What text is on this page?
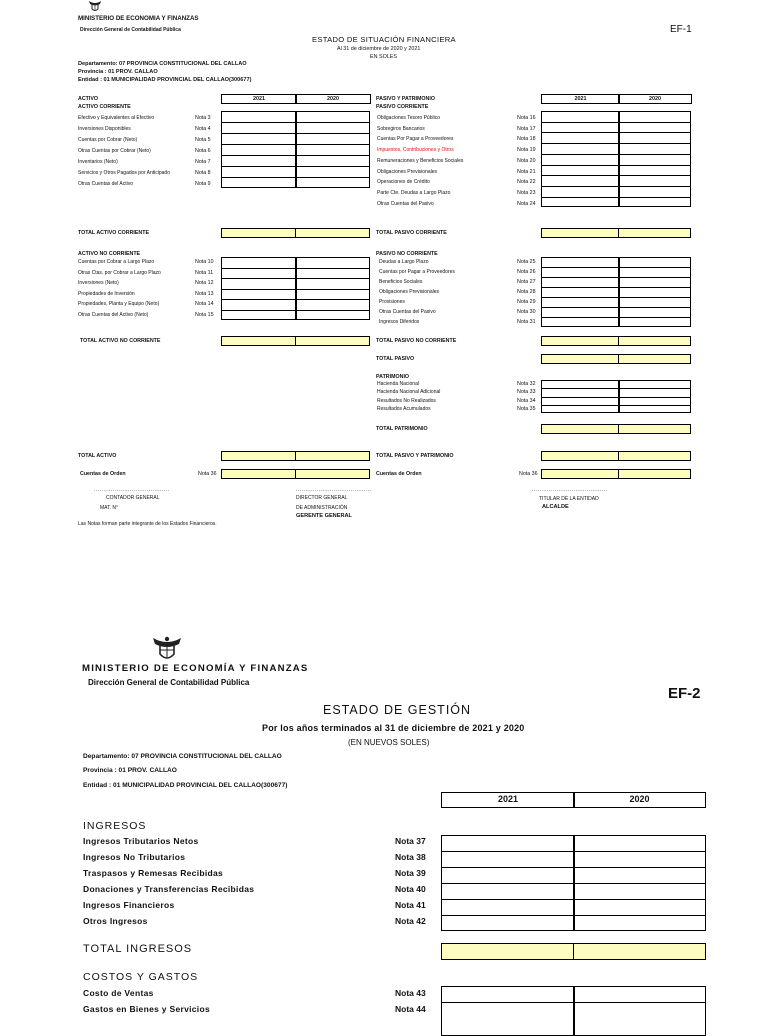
MINISTERIO DE ECONOMIA Y FINANZAS
Dirección General de Contabilidad Pública	EF-1
ESTADO DE SITUACIÓN FINANCIERA
Al 31 de diciembre de 2020 y 2021
EN SOLES
Departamento: 07 PROVINCIA CONSTITUCIONAL DEL CALLAO
Provincia : 01 PROV. CALLAO
Entidad : 01 MUNICIPALIDAD PROVINCIAL DEL CALLAO(300677)
ACTIVO	2021	2020	PASIVO Y PATRIMONIO	2021	2020
ACTIVO CORRIENTE
Efectivo y Equivalentes al Efectivo	Nota 3
Inversiones Disponibles	Nota 4
Cuentas por Cobrar (Neto)	Nota 5
Otras Cuentas por Cobrar (Neto)	Nota 6
Inventarios (Neto)	Nota 7
Servicios y Otros Pagados por Anticipado	Nota 8
Otras Cuentas del Activo	Nota 9
PASIVO CORRIENTE
Obligaciones Tesoro Público	Nota 16
Sobregiros Bancarios	Nota 17
Cuentas Por Pagar a Proveedores	Nota 18
Impuestos, Contribuciones y Otros	Nota 19
Remuneraciones y Beneficios Sociales	Nota 20
Obligaciones Previsionales	Nota 21
Operaciones de Crédito	Nota 22
Parte Cte. Deudas a Largo Plazo	Nota 23
Otras Cuentas del Pasivo	Nota 24
TOTAL ACTIVO CORRIENTE	TOTAL PASIVO CORRIENTE
ACTIVO NO CORRIENTE
Cuentas por Cobrar a Largo Plazo	Nota 10
Otras Ctas. por Cobrar a Largo Plazo	Nota 11
Inversiones (Neto)	Nota 12
Propiedades de Inversión	Nota 13
Propiedades, Planta y Equipo (Neto)	Nota 14
Otras Cuentas del Activo (Neto)	Nota 15
PASIVO NO CORRIENTE
Deudas a Largo Plazo	Nota 25
Cuentas por Pagar a Proveedores	Nota 26
Beneficios Sociales	Nota 27
Obligaciones Previsionales	Nota 28
Provisiones	Nota 29
Otras Cuentas del Pasivo	Nota 30
Ingresos Diferidos	Nota 31
TOTAL ACTIVO NO CORRIENTE	TOTAL PASIVO NO CORRIENTE
TOTAL PASIVO
PATRIMONIO
Hacienda Nacional	Nota 32
Hacienda Nacional Adicional	Nota 33
Resultados No Realizados	Nota 34
Resultados Acumulados	Nota 35
TOTAL PATRIMONIO
TOTAL ACTIVO	TOTAL PASIVO Y PATRIMONIO
Cuentas de Orden	Nota 36	Cuentas de Orden	Nota 36
........................................
CONTADOR GENERAL
MAT. N°
........................................
DIRECTOR GENERAL
DE ADMINISTRACIÓN
GERENTE GENERAL
........................................
TITULAR DE LA ENTIDAD
ALCALDE
Las Notas forman parte integrante de los Estados Financieros.
MINISTERIO DE ECONOMÍA Y FINANZAS
Dirección General de Contabilidad Pública
EF-2
ESTADO DE GESTIÓN
Por los años terminados al 31 de diciembre de 2021 y 2020
(EN NUEVOS SOLES)
Departamento: 07 PROVINCIA CONSTITUCIONAL DEL CALLAO
Provincia : 01 PROV. CALLAO
Entidad : 01 MUNICIPALIDAD PROVINCIAL DEL CALLAO(300677)
2021	2020
INGRESOS
Ingresos Tributarios Netos	Nota 37
Ingresos No Tributarios	Nota 38
Traspasos y Remesas Recibidas	Nota 39
Donaciones y Transferencias Recibidas	Nota 40
Ingresos Financieros	Nota 41
Otros Ingresos	Nota 42
TOTAL INGRESOS
COSTOS Y GASTOS
Costo de Ventas	Nota 43
Gastos en Bienes y Servicios	Nota 44
